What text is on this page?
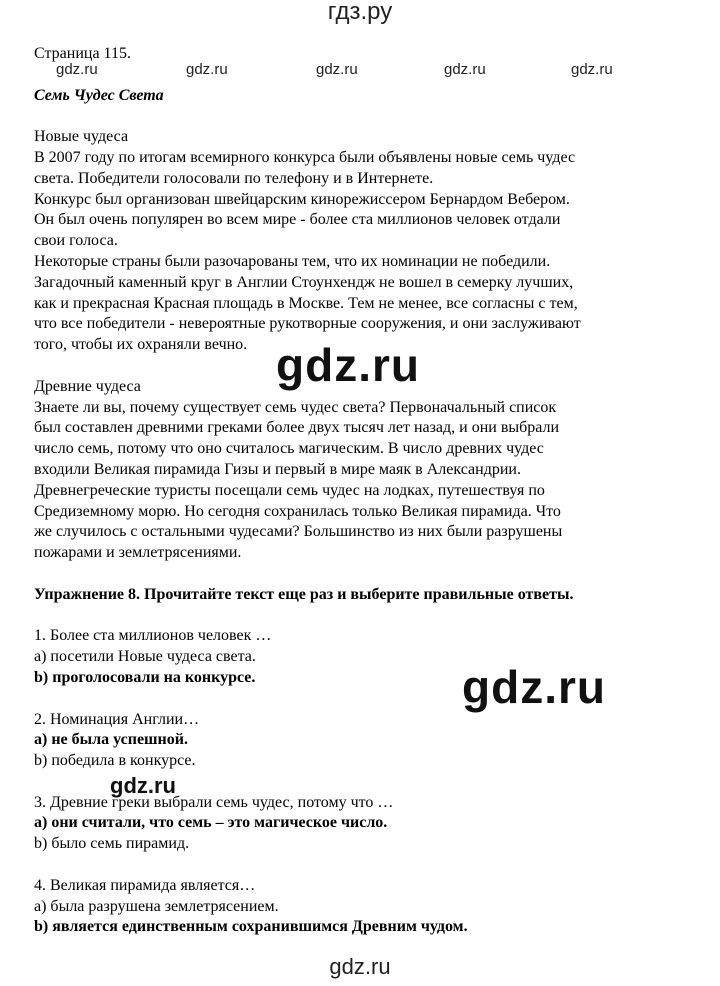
гдз.ру
gdz.ru	gdz.ru	gdz.ru	gdz.ru	gdz.ru

Страница 115.

Семь Чудес Света

Новые чудеса

В 2007 году по итогам всемирного конкурса были объявлены новые семь чудес

света. Победители голосовали по телефону и в Интернете.

Конкурс был организован швейцарским кинорежиссером Бернардом Вебером.

Он был очень популярен во всем мире - более ста миллионов человек отдали

свои голоса.

Некоторые страны были разочарованы тем, что их номинации не победили.

Загадочный каменный круг в Англии Стоунхендж не вошел в семерку лучших,

как и прекрасная Красная площадь в Москве. Тем не менее, все согласны с тем,

что все победители - невероятные рукотворные сооружения, и они заслуживают

того, чтобы их охраняли вечно.

Древние чудеса

Знаете ли вы, почему существует семь чудес света? Первоначальный список

был составлен древними греками более двух тысяч лет назад, и они выбрали

число семь, потому что оно считалось магическим. В число древних чудес

входили Великая пирамида Гизы и первый в мире маяк в Александрии.

Древнегреческие туристы посещали семь чудес на лодках, путешествуя по

Средиземному морю. Но сегодня сохранилась только Великая пирамида. Что

же случилось с остальными чудесами? Большинство из них были разрушены

пожарами и землетрясениями.

Упражнение 8. Прочитайте текст еще раз и выберите правильные ответы.

1. Более ста миллионов человек …

a) посетили Новые чудеса света.

b) проголосовали на конкурсе.

2. Номинация Англии…

a) не была успешной.

b) победила в конкурсе.

3. Древние греки выбрали семь чудес, потому что …

a) они считали, что семь – это магическое число.

b) было семь пирамид.

4. Великая пирамида является…

a) была разрушена землетрясением.

b) является единственным сохранившимся Древним чудом.

gdz.ru
gdz.ru
gdz.ru
gdz.ru
